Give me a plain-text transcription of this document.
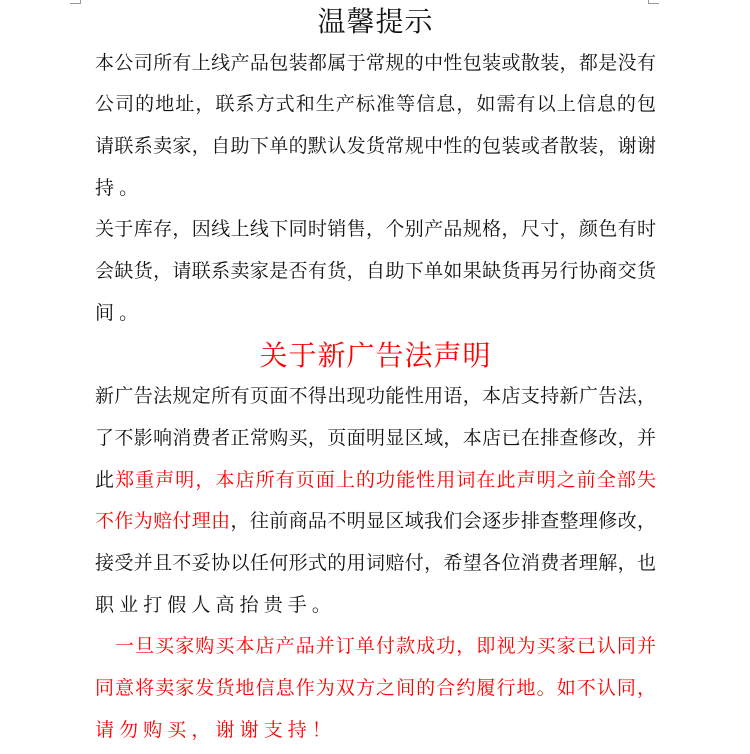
温馨提示
本公司所有上线产品包装都属于常规的中性包装或散装，都是没有
公司的地址，联系方式和生产标准等信息，如需有以上信息的包
请联系卖家，自助下单的默认发货常规中性的包装或者散装，谢谢
持。
关于库存，因线上线下同时销售，个别产品规格，尺寸，颜色有时
会缺货，请联系卖家是否有货，自助下单如果缺货再另行协商交货
间。
关于新广告法声明
新广告法规定所有页面不得出现功能性用语，本店支持新广告法，
了不影响消费者正常购买，页面明显区域，本店已在排查修改，并
此郑重声明，本店所有页面上的功能性用词在此声明之前全部失
不作为赔付理由，往前商品不明显区域我们会逐步排查整理修改，
接受并且不妥协以任何形式的用词赔付，希望各位消费者理解，也
职业打假人高抬贵手。
一旦买家购买本店产品并订单付款成功，即视为买家已认同并
同意将卖家发货地信息作为双方之间的合约履行地。如不认同，
请勿购买，谢谢支持！
